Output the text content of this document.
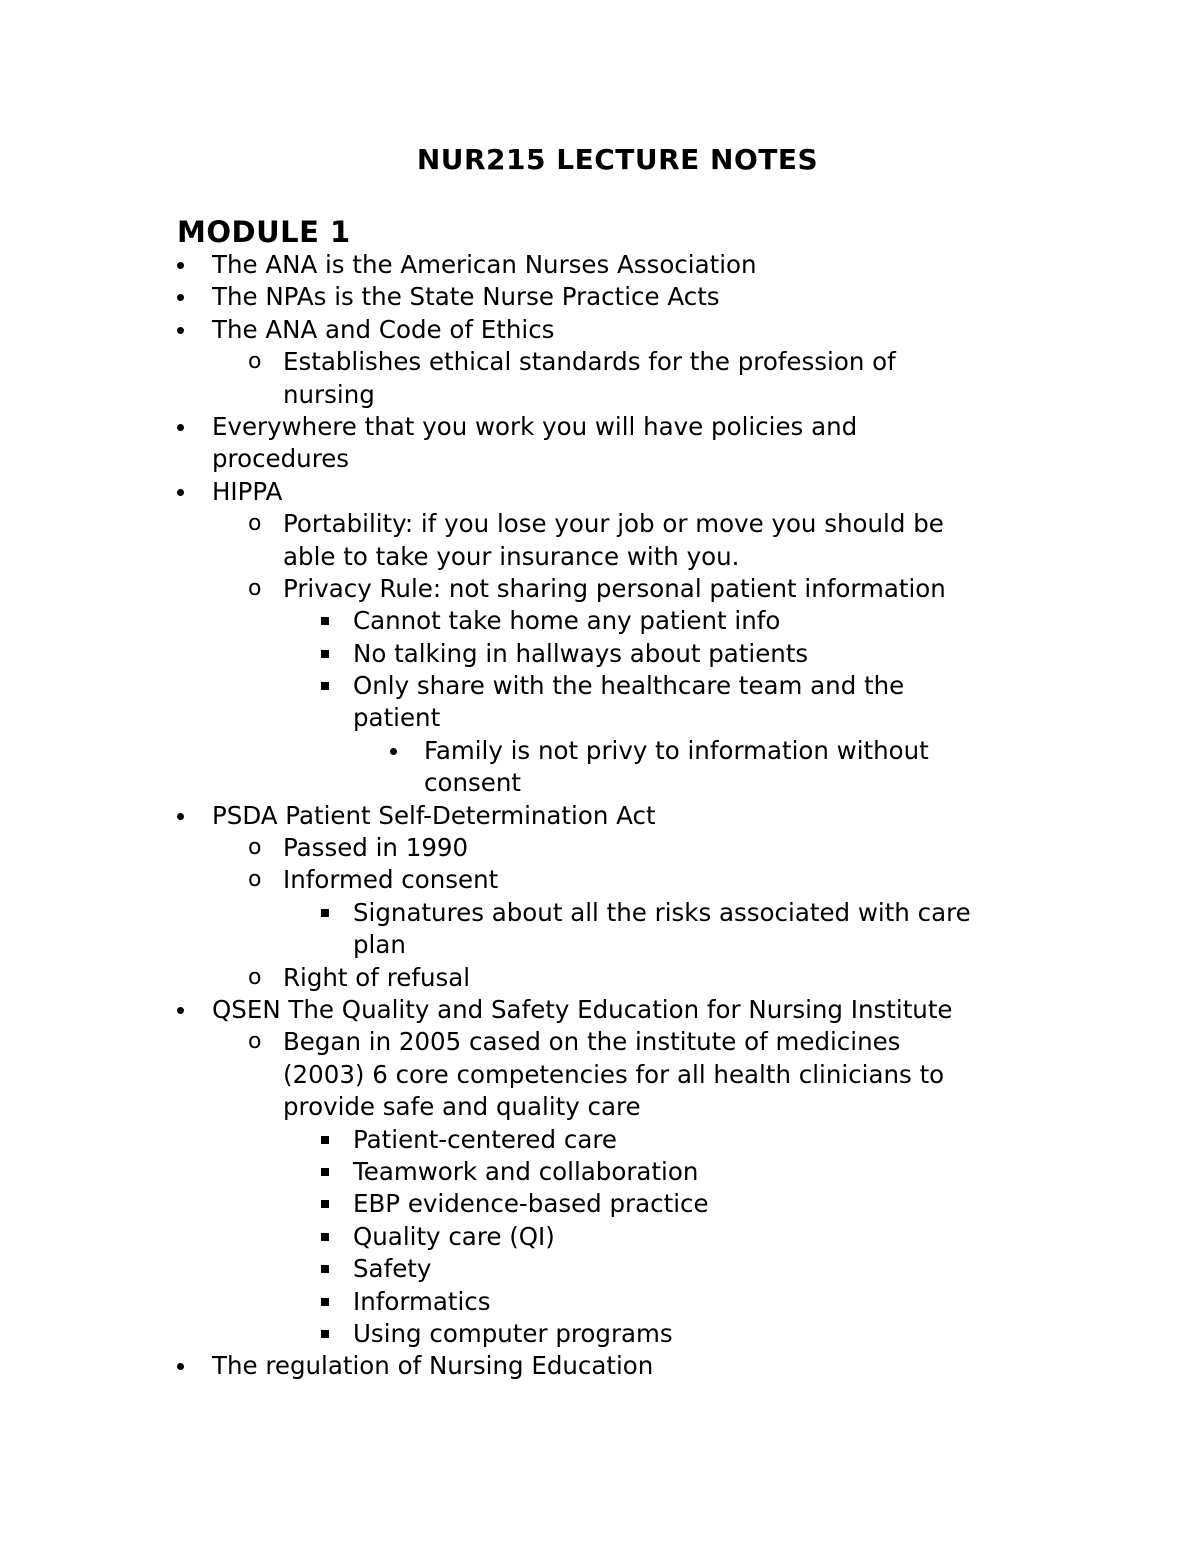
NUR215 LECTURE NOTES
MODULE 1
The ANA is the American Nurses Association
The NPAs is the State Nurse Practice Acts
The ANA and Code of Ethics
o Establishes ethical standards for the profession of
nursing
Everywhere that you work you will have policies and
procedures
HIPPA
o Portability: if you lose your job or move you should be
able to take your insurance with you.
o Privacy Rule: not sharing personal patient information
Cannot take home any patient info
No talking in hallways about patients
Only share with the healthcare team and the
patient
Family is not privy to information without
consent
PSDA Patient Self-Determination Act
o Passed in 1990
o Informed consent
Signatures about all the risks associated with care
plan
o Right of refusal
QSEN The Quality and Safety Education for Nursing Institute
o Began in 2005 cased on the institute of medicines
(2003) 6 core competencies for all health clinicians to
provide safe and quality care
Patient-centered care
Teamwork and collaboration
EBP evidence-based practice
Quality care (QI)
Safety
Informatics
Using computer programs
The regulation of Nursing Education
